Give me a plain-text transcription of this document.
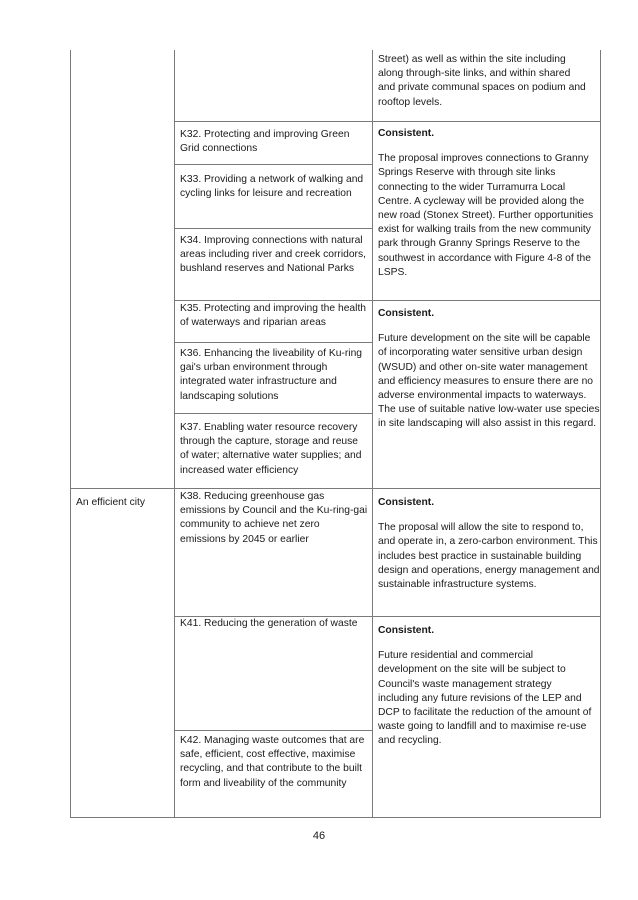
Street) as well as within the site including
along through-site links, and within shared
and private communal spaces on podium and
rooftop levels.
K32. Protecting and improving Green Grid connections
K33. Providing a network of walking and cycling links for leisure and recreation
K34. Improving connections with natural areas including river and creek corridors, bushland reserves and National Parks
K35. Protecting and improving the health of waterways and riparian areas
K36. Enhancing the liveability of Ku-ring gai's urban environment through integrated water infrastructure and landscaping solutions
K37. Enabling water resource recovery through the capture, storage and reuse of water; alternative water supplies; and increased water efficiency
K38. Reducing greenhouse gas emissions by Council and the Ku-ring-gai community to achieve net zero emissions by 2045 or earlier
K41. Reducing the generation of waste
K42. Managing waste outcomes that are safe, efficient, cost effective, maximise recycling, and that contribute to the built form and liveability of the community
An efficient city
Consistent.

The proposal improves connections to Granny Springs Reserve with through site links connecting to the wider Turramurra Local Centre. A cycleway will be provided along the new road (Stonex Street). Further opportunities exist for walking trails from the new community park through Granny Springs Reserve to the southwest in accordance with Figure 4-8 of the LSPS.

Consistent.

Future development on the site will be capable of incorporating water sensitive urban design (WSUD) and other on-site water management and efficiency measures to ensure there are no adverse environmental impacts to waterways. The use of suitable native low-water use species in site landscaping will also assist in this regard.

Consistent.

The proposal will allow the site to respond to, and operate in, a zero-carbon environment. This includes best practice in sustainable building design and operations, energy management and sustainable infrastructure systems.

Consistent.

Future residential and commercial development on the site will be subject to Council's waste management strategy including any future revisions of the LEP and DCP to facilitate the reduction of the amount of waste going to landfill and to maximise re-use and recycling.

46
